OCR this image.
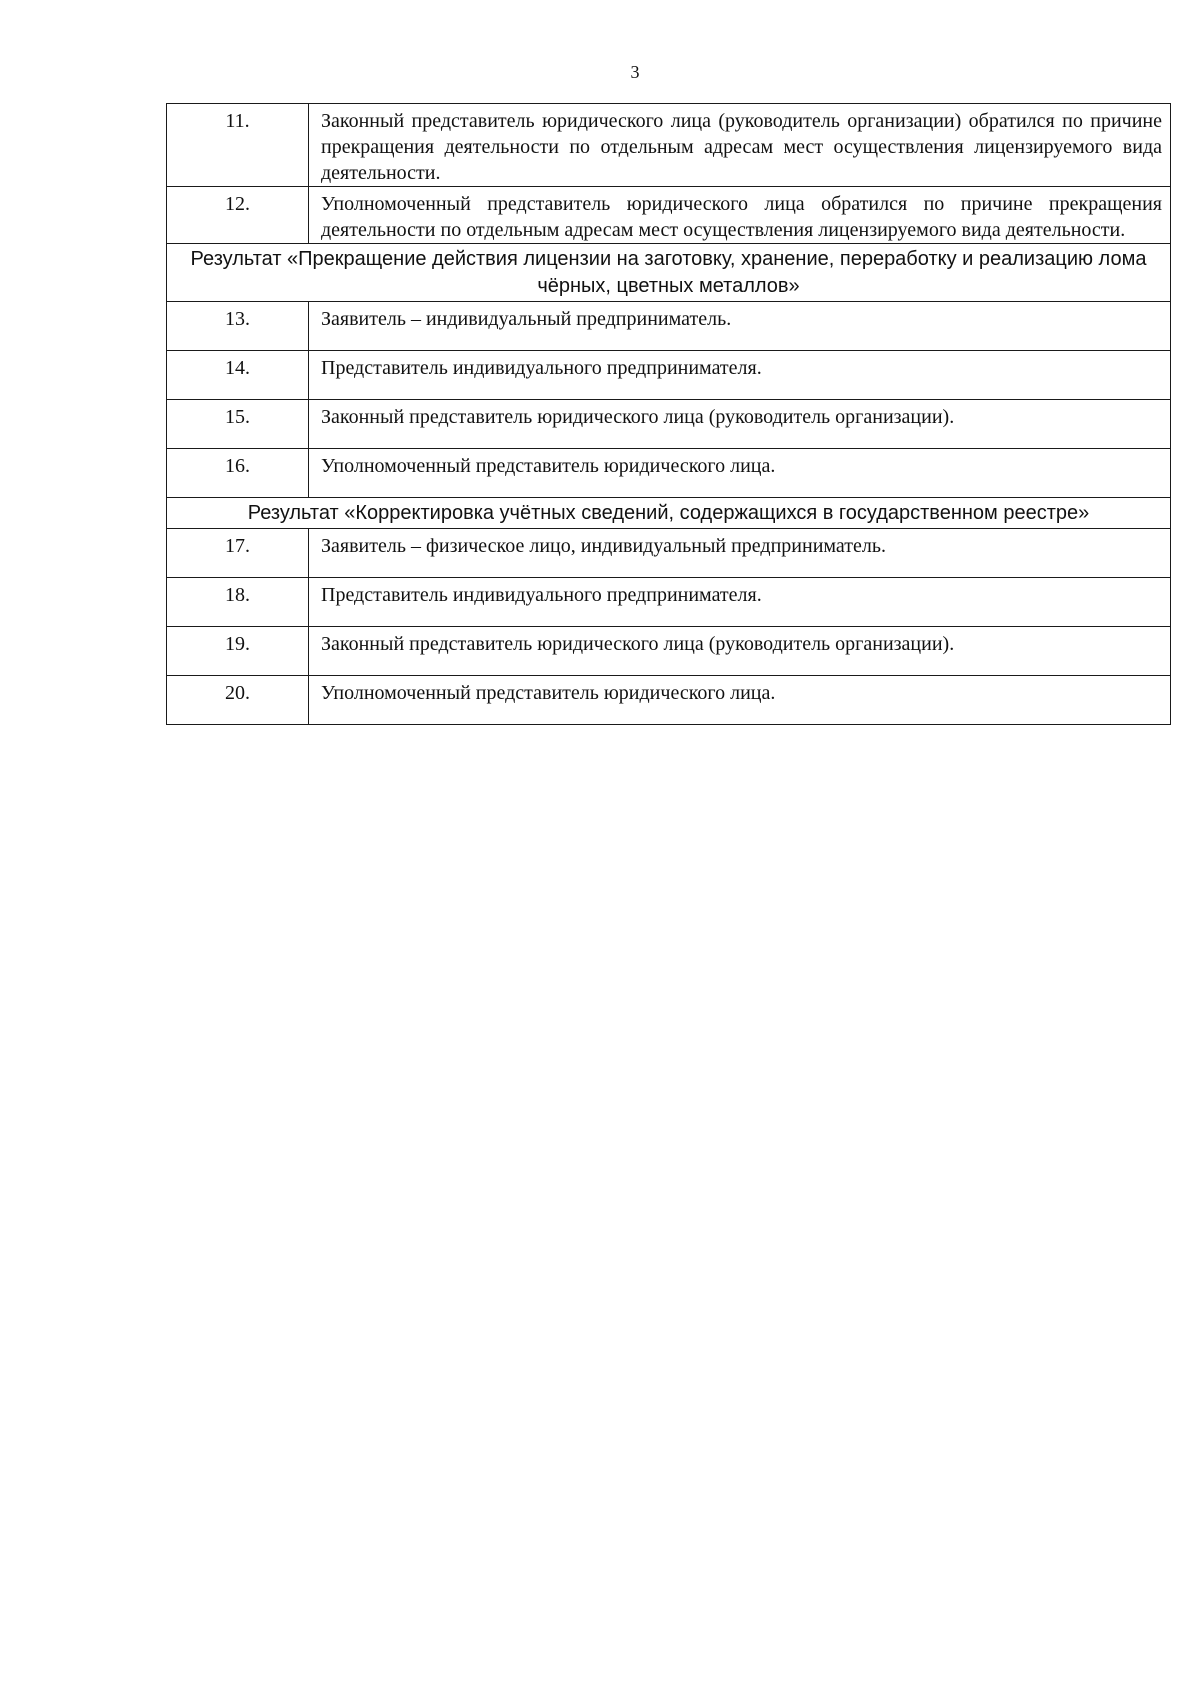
3
11.	Законный представитель юридического лица (руководитель организации) обратился по причине прекращения деятельности по отдельным адресам мест осуществления лицензируемого вида деятельности.
12.	Уполномоченный представитель юридического лица обратился по причине прекращения деятельности по отдельным адресам мест осуществления лицензируемого вида деятельности.
Результат «Прекращение действия лицензии на заготовку, хранение, переработку и реализацию лома чёрных, цветных металлов»	
13.	Заявитель – индивидуальный предприниматель.
14.	Представитель индивидуального предпринимателя.
15.	Законный представитель юридического лица (руководитель организации).
16.	Уполномоченный представитель юридического лица.
Результат «Корректировка учётных сведений, содержащихся в государственном реестре»	
17.	Заявитель – физическое лицо, индивидуальный предприниматель.
18.	Представитель индивидуального предпринимателя.
19.	Законный представитель юридического лица (руководитель организации).
20.	Уполномоченный представитель юридического лица.
